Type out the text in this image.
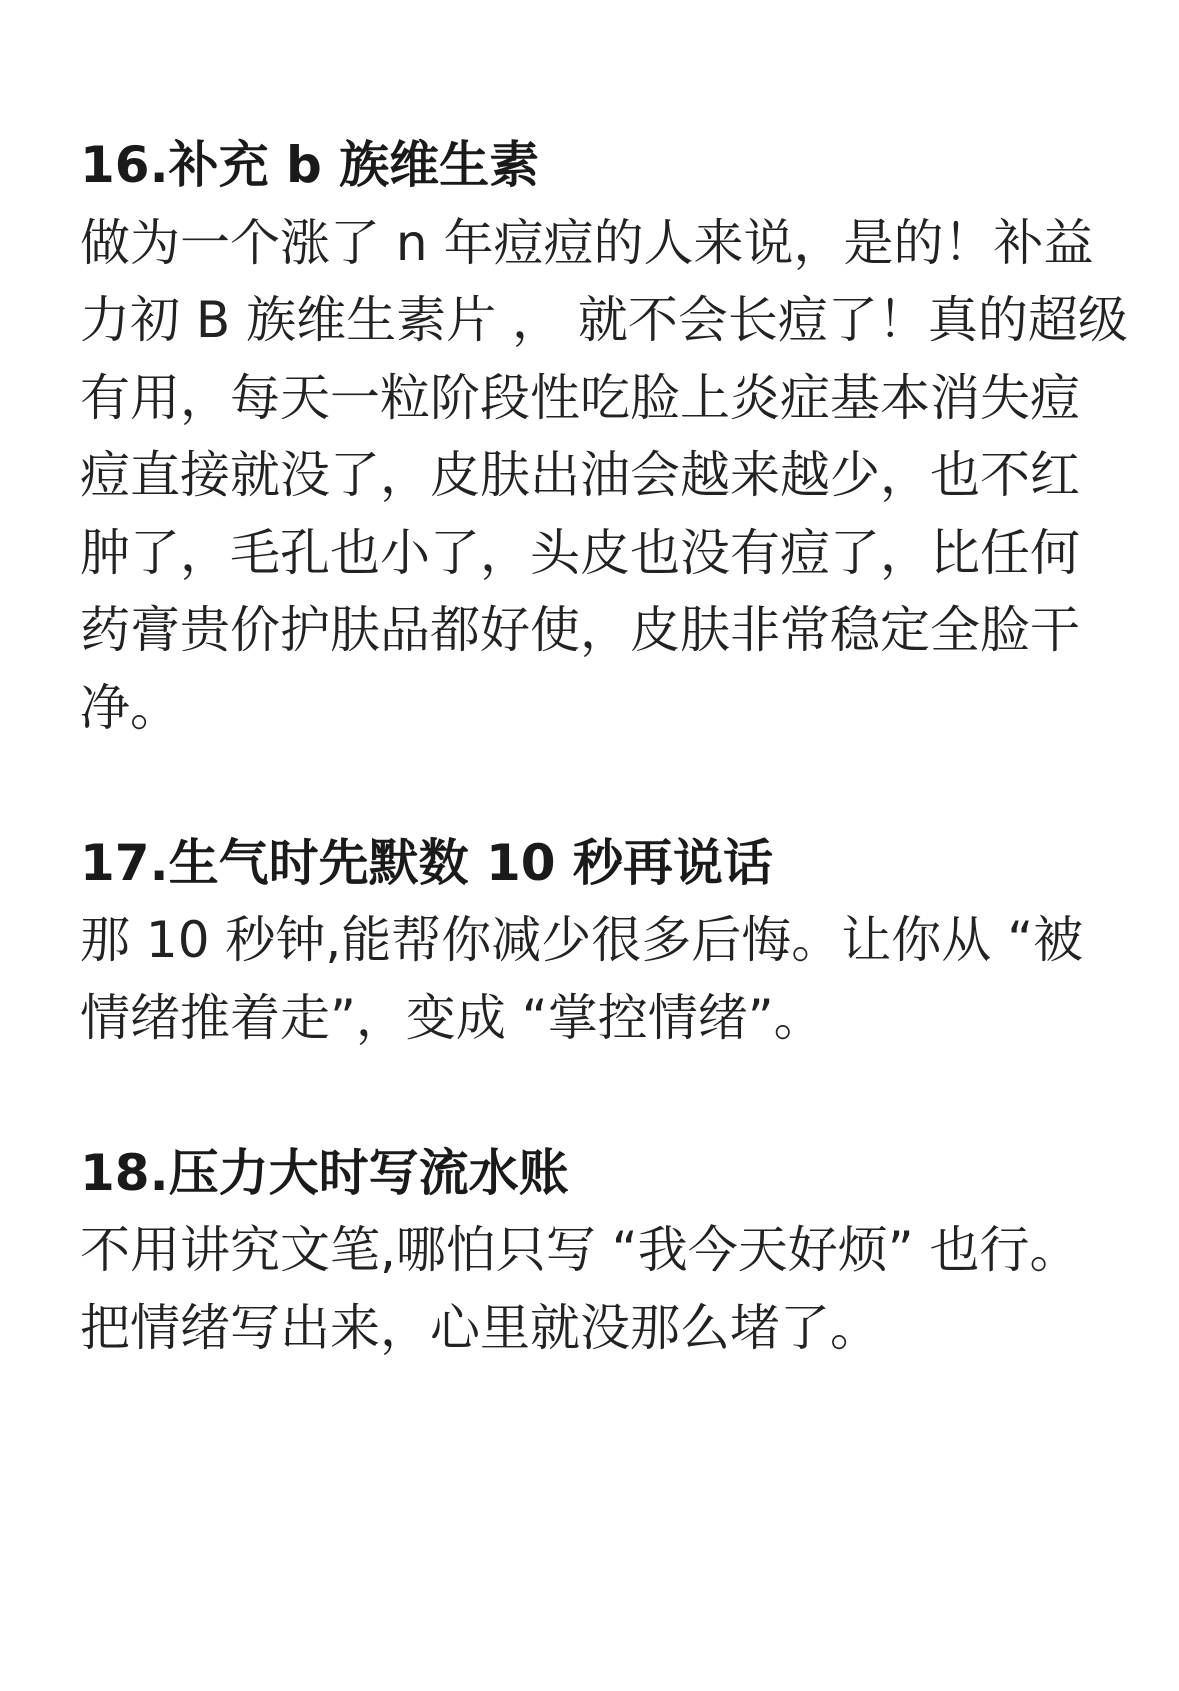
16.补充 b 族维生素

做为一个涨了 n 年痘痘的人来说，是的！补益

力初 B 族维生素片 ， 就不会长痘了！真的超级

有用，每天一粒阶段性吃脸上炎症基本消失痘

痘直接就没了，皮肤出油会越来越少，也不红

肿了，毛孔也小了，头皮也没有痘了，比任何

药膏贵价护肤品都好使，皮肤非常稳定全脸干

净。

17.生气时先默数 10 秒再说话

那 10 秒钟,能帮你减少很多后悔。让你从 “被

情绪推着走”，变成 “掌控情绪”。

18.压力大时写流水账

不用讲究文笔,哪怕只写 “我今天好烦” 也行。

把情绪写出来，心里就没那么堵了。
